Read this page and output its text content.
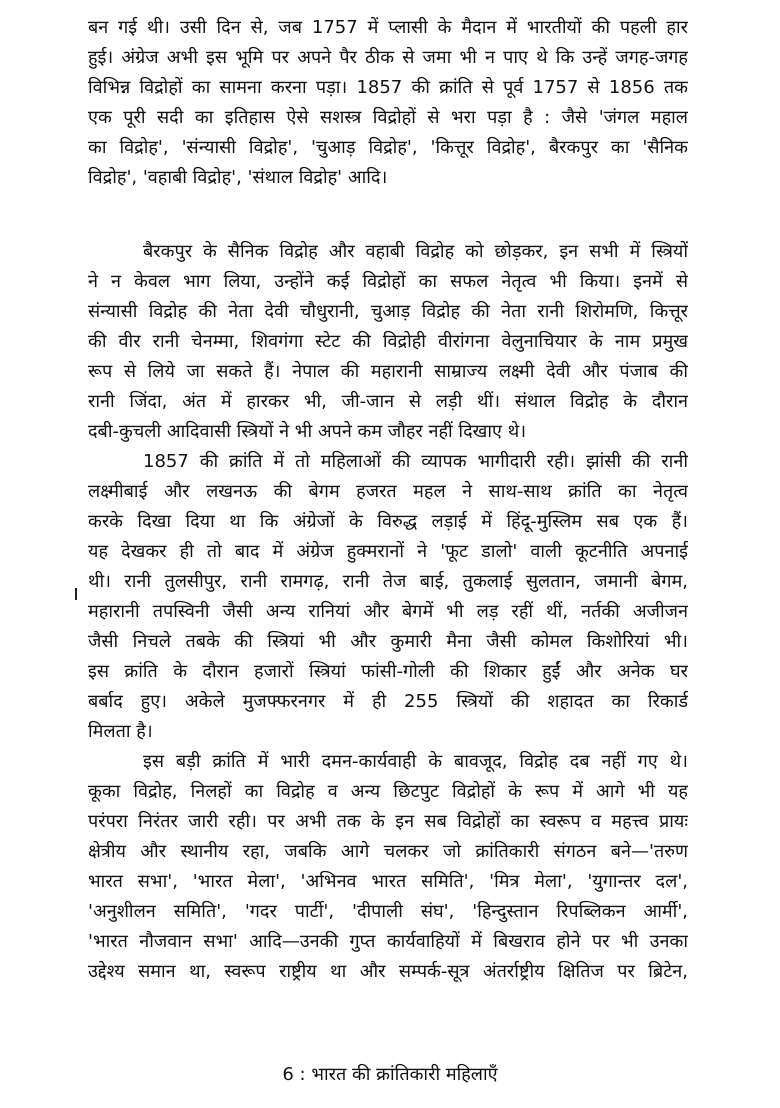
बन गई थी। उसी दिन से, जब 1757 में प्लासी के मैदान में भारतीयों की पहली हार
हुई। अंग्रेज अभी इस भूमि पर अपने पैर ठीक से जमा भी न पाए थे कि उन्हें जगह-जगह
विभिन्न विद्रोहों का सामना करना पड़ा। 1857 की क्रांति से पूर्व 1757 से 1856 तक
एक पूरी सदी का इतिहास ऐसे सशस्त्र विद्रोहों से भरा पड़ा है : जैसे 'जंगल महाल
का विद्रोह', 'संन्यासी विद्रोह', 'चुआड़ विद्रोह', 'कित्तूर विद्रोह', बैरकपुर का 'सैनिक
विद्रोह', 'वहाबी विद्रोह', 'संथाल विद्रोह' आदि।
बैरकपुर के सैनिक विद्रोह और वहाबी विद्रोह को छोड़कर, इन सभी में स्त्रियों
ने न केवल भाग लिया, उन्होंने कई विद्रोहों का सफल नेतृत्व भी किया। इनमें से
संन्यासी विद्रोह की नेता देवी चौधुरानी, चुआड़ विद्रोह की नेता रानी शिरोमणि, कित्तूर
की वीर रानी चेनम्मा, शिवगंगा स्टेट की विद्रोही वीरांगना वेलुनाचियार के नाम प्रमुख
रूप से लिये जा सकते हैं। नेपाल की महारानी साम्राज्य लक्ष्मी देवी और पंजाब की
रानी जिंदा, अंत में हारकर भी, जी-जान से लड़ी थीं। संथाल विद्रोह के दौरान
दबी-कुचली आदिवासी स्त्रियों ने भी अपने कम जौहर नहीं दिखाए थे।
1857 की क्रांति में तो महिलाओं की व्यापक भागीदारी रही। झांसी की रानी
लक्ष्मीबाई और लखनऊ की बेगम हजरत महल ने साथ-साथ क्रांति का नेतृत्व
करके दिखा दिया था कि अंग्रेजों के विरुद्ध लड़ाई में हिंदू-मुस्लिम सब एक हैं।
यह देखकर ही तो बाद में अंग्रेज हुक्मरानों ने 'फूट डालो' वाली कूटनीति अपनाई
थी। रानी तुलसीपुर, रानी रामगढ़, रानी तेज बाई, तुकलाई सुलतान, जमानी बेगम,
महारानी तपस्विनी जैसी अन्य रानियां और बेगमें भी लड़ रहीं थीं, नर्तकी अजीजन
जैसी निचले तबके की स्त्रियां भी और कुमारी मैना जैसी कोमल किशोरियां भी।
इस क्रांति के दौरान हजारों स्त्रियां फांसी-गोली की शिकार हुईं और अनेक घर
बर्बाद हुए। अकेले मुजफ्फरनगर में ही 255 स्त्रियों की शहादत का रिकार्ड
मिलता है।
इस बड़ी क्रांति में भारी दमन-कार्यवाही के बावजूद, विद्रोह दब नहीं गए थे।
कूका विद्रोह, निलहों का विद्रोह व अन्य छिटपुट विद्रोहों के रूप में आगे भी यह
परंपरा निरंतर जारी रही। पर अभी तक के इन सब विद्रोहों का स्वरूप व महत्त्व प्रायः
क्षेत्रीय और स्थानीय रहा, जबकि आगे चलकर जो क्रांतिकारी संगठन बने—'तरुण
भारत सभा', 'भारत मेला', 'अभिनव भारत समिति', 'मित्र मेला', 'युगान्तर दल',
'अनुशीलन समिति', 'गदर पार्टी', 'दीपाली संघ', 'हिन्दुस्तान रिपब्लिकन आर्मी',
'भारत नौजवान सभा' आदि—उनकी गुप्त कार्यवाहियों में बिखराव होने पर भी उनका
उद्देश्य समान था, स्वरूप राष्ट्रीय था और सम्पर्क-सूत्र अंतर्राष्ट्रीय क्षितिज पर ब्रिटेन,
6 : भारत की क्रांतिकारी महिलाएँ
